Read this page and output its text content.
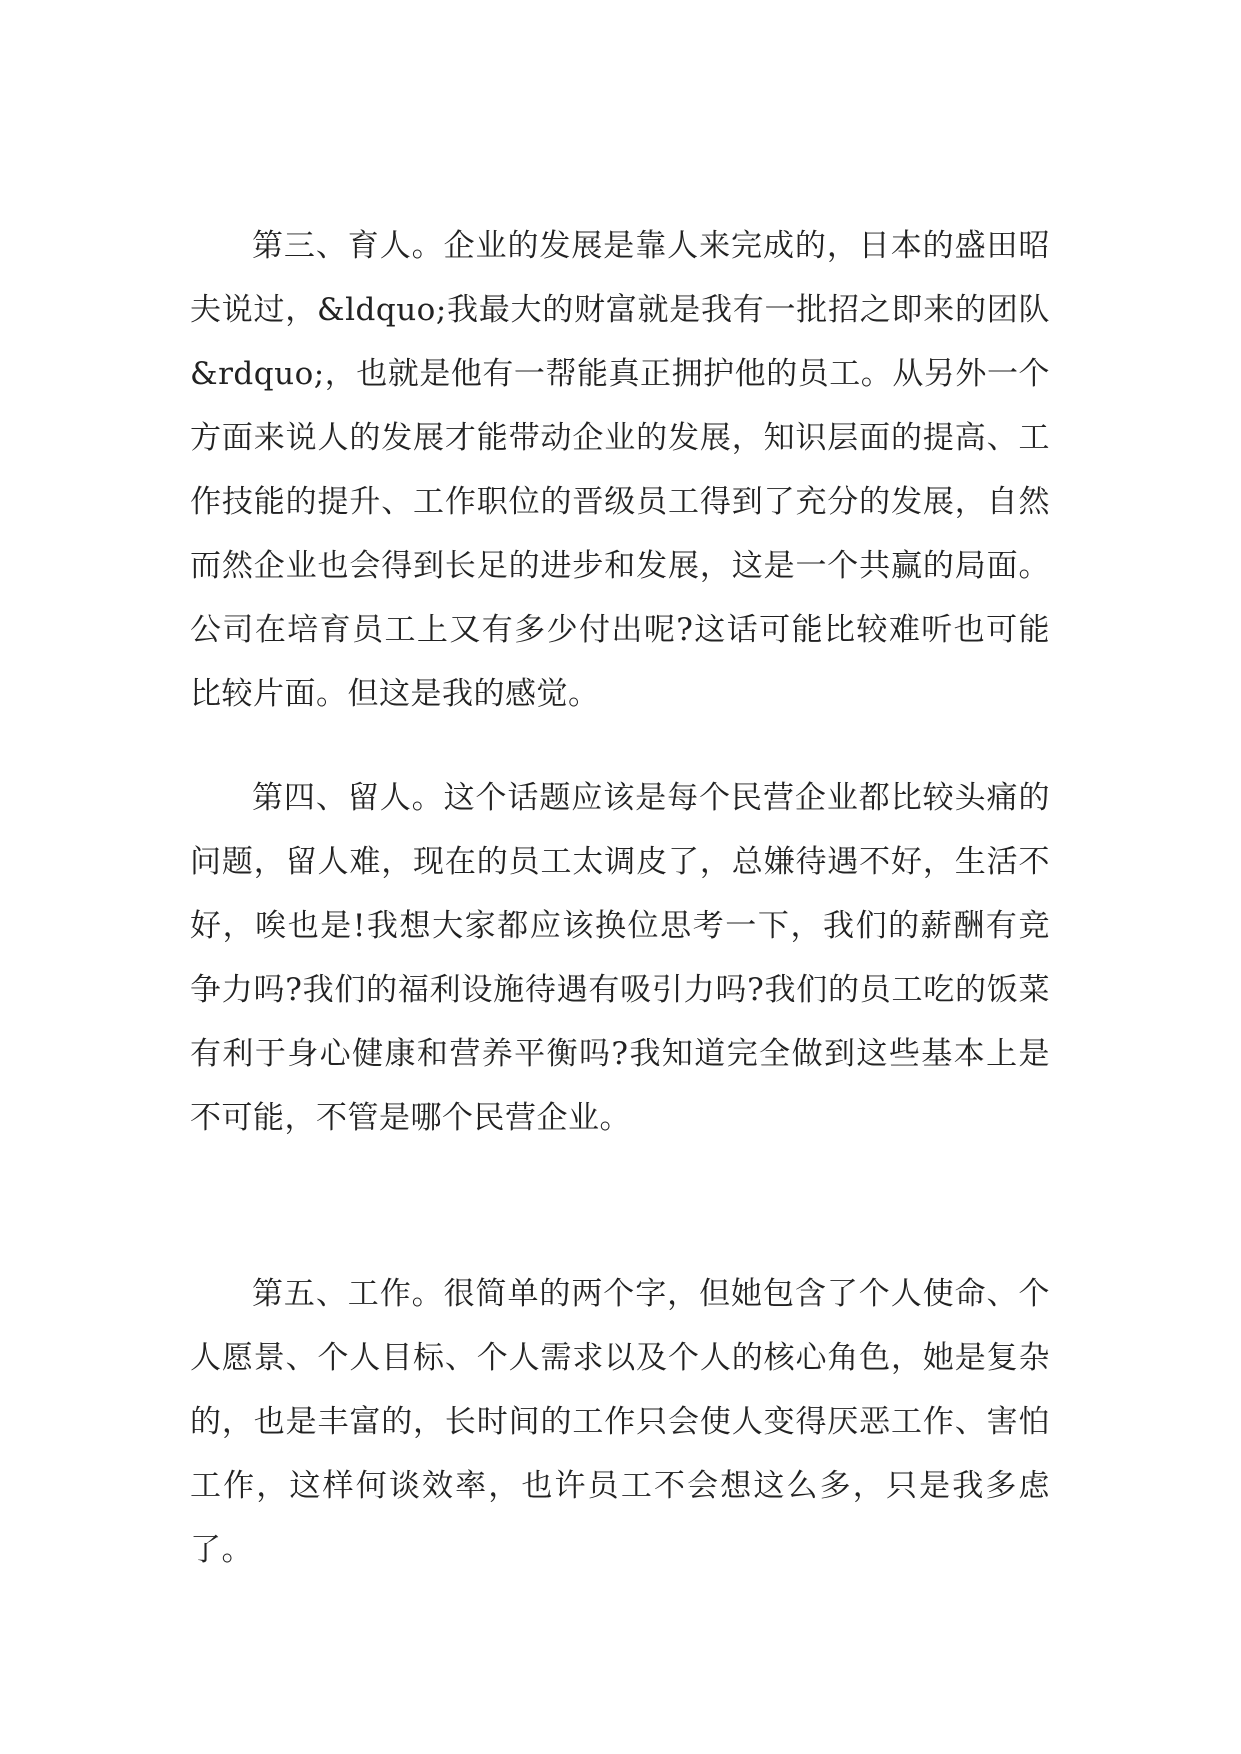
第三、育人。企业的发展是靠人来完成的，日本的盛田昭夫说过，&ldquo;我最大的财富就是我有一批招之即来的团队&rdquo;，也就是他有一帮能真正拥护他的员工。从另外一个方面来说人的发展才能带动企业的发展，知识层面的提高、工作技能的提升、工作职位的晋级员工得到了充分的发展，自然而然企业也会得到长足的进步和发展，这是一个共赢的局面。公司在培育员工上又有多少付出呢?这话可能比较难听也可能比较片面。但这是我的感觉。

第四、留人。这个话题应该是每个民营企业都比较头痛的问题，留人难，现在的员工太调皮了，总嫌待遇不好，生活不好，唉也是!我想大家都应该换位思考一下，我们的薪酬有竞争力吗?我们的福利设施待遇有吸引力吗?我们的员工吃的饭菜有利于身心健康和营养平衡吗?我知道完全做到这些基本上是不可能，不管是哪个民营企业。

第五、工作。很简单的两个字，但她包含了个人使命、个人愿景、个人目标、个人需求以及个人的核心角色，她是复杂的，也是丰富的，长时间的工作只会使人变得厌恶工作、害怕工作，这样何谈效率，也许员工不会想这么多，只是我多虑了。
